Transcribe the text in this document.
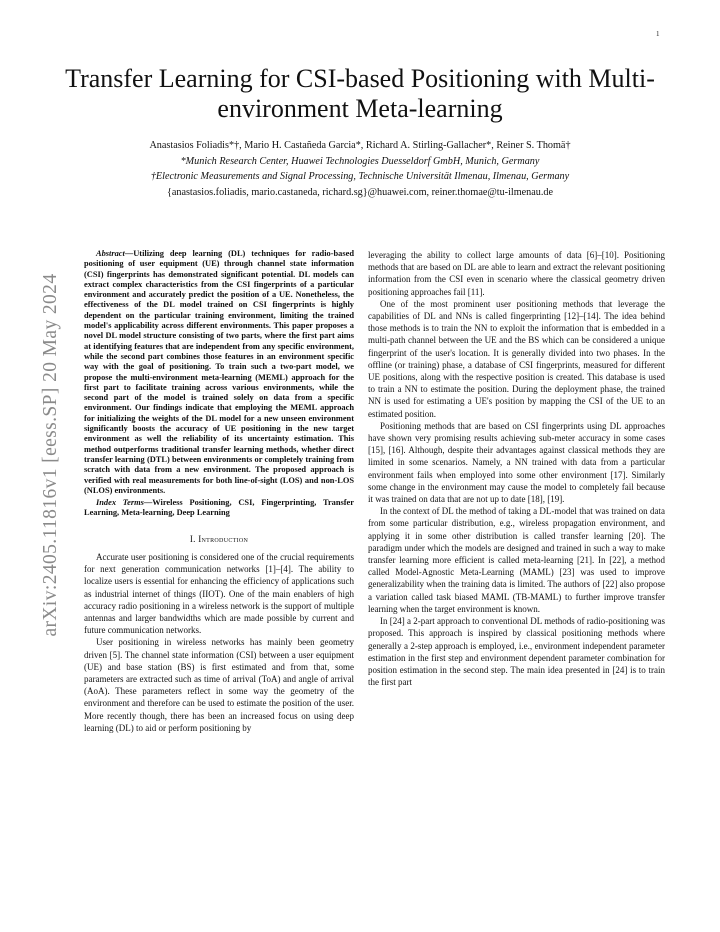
1
arXiv:2405.11816v1 [eess.SP] 20 May 2024
Transfer Learning for CSI-based Positioning with Multi-environment Meta-learning
Anastasios Foliadis*†, Mario H. Castañeda Garcia*, Richard A. Stirling-Gallacher*, Reiner S. Thomä†
*Munich Research Center, Huawei Technologies Duesseldorf GmbH, Munich, Germany
†Electronic Measurements and Signal Processing, Technische Universität Ilmenau, Ilmenau, Germany
{anastasios.foliadis, mario.castaneda, richard.sg}@huawei.com, reiner.thomae@tu-ilmenau.de

Abstract—Utilizing deep learning (DL) techniques for radio-based positioning of user equipment (UE) through channel state information (CSI) fingerprints has demonstrated significant potential. DL models can extract complex characteristics from the CSI fingerprints of a particular environment and accurately predict the position of a UE. Nonetheless, the effectiveness of the DL model trained on CSI fingerprints is highly dependent on the particular training environment, limiting the trained model's applicability across different environments. This paper proposes a novel DL model structure consisting of two parts, where the first part aims at identifying features that are independent from any specific environment, while the second part combines those features in an environment specific way with the goal of positioning. To train such a two-part model, we propose the multi-environment meta-learning (MEML) approach for the first part to facilitate training across various environments, while the second part of the model is trained solely on data from a specific environment. Our findings indicate that employing the MEML approach for initializing the weights of the DL model for a new unseen environment significantly boosts the accuracy of UE positioning in the new target environment as well the reliability of its uncertainty estimation. This method outperforms traditional transfer learning methods, whether direct transfer learning (DTL) between environments or completely training from scratch with data from a new environment. The proposed approach is verified with real measurements for both line-of-sight (LOS) and non-LOS (NLOS) environments.

Index Terms—Wireless Positioning, CSI, Fingerprinting, Transfer Learning, Meta-learning, Deep Learning

I. Introduction

Accurate user positioning is considered one of the crucial requirements for next generation communication networks [1]–[4]. The ability to localize users is essential for enhancing the efficiency of applications such as industrial internet of things (IIOT). One of the main enablers of high accuracy radio positioning in a wireless network is the support of multiple antennas and larger bandwidths which are made possible by current and future communication networks.

User positioning in wireless networks has mainly been geometry driven [5]. The channel state information (CSI) between a user equipment (UE) and base station (BS) is first estimated and from that, some parameters are extracted such as time of arrival (ToA) and angle of arrival (AoA). These parameters reflect in some way the geometry of the environment and therefore can be used to estimate the position of the user. More recently though, there has been an increased focus on using deep learning (DL) to aid or perform positioning by

leveraging the ability to collect large amounts of data [6]–[10]. Positioning methods that are based on DL are able to learn and extract the relevant positioning information from the CSI even in scenario where the classical geometry driven positioning approaches fail [11].

One of the most prominent user positioning methods that leverage the capabilities of DL and NNs is called fingerprinting [12]–[14]. The idea behind those methods is to train the NN to exploit the information that is embedded in a multi-path channel between the UE and the BS which can be considered a unique fingerprint of the user's location. It is generally divided into two phases. In the offline (or training) phase, a database of CSI fingerprints, measured for different UE positions, along with the respective position is created. This database is used to train a NN to estimate the position. During the deployment phase, the trained NN is used for estimating a UE's position by mapping the CSI of the UE to an estimated position.

Positioning methods that are based on CSI fingerprints using DL approaches have shown very promising results achieving sub-meter accuracy in some cases [15], [16]. Although, despite their advantages against classical methods they are limited in some scenarios. Namely, a NN trained with data from a particular environment fails when employed into some other environment [17]. Similarly some change in the environment may cause the model to completely fail because it was trained on data that are not up to date [18], [19].

In the context of DL the method of taking a DL-model that was trained on data from some particular distribution, e.g., wireless propagation environment, and applying it in some other distribution is called transfer learning [20]. The paradigm under which the models are designed and trained in such a way to make transfer learning more efficient is called meta-learning [21]. In [22], a method called Model-Agnostic Meta-Learning (MAML) [23] was used to improve generalizability when the training data is limited. The authors of [22] also propose a variation called task biased MAML (TB-MAML) to further improve transfer learning when the target environment is known.

In [24] a 2-part approach to conventional DL methods of radio-positioning was proposed. This approach is inspired by classical positioning methods where generally a 2-step approach is employed, i.e., environment independent parameter estimation in the first step and environment dependent parameter combination for position estimation in the second step. The main idea presented in [24] is to train the first part
